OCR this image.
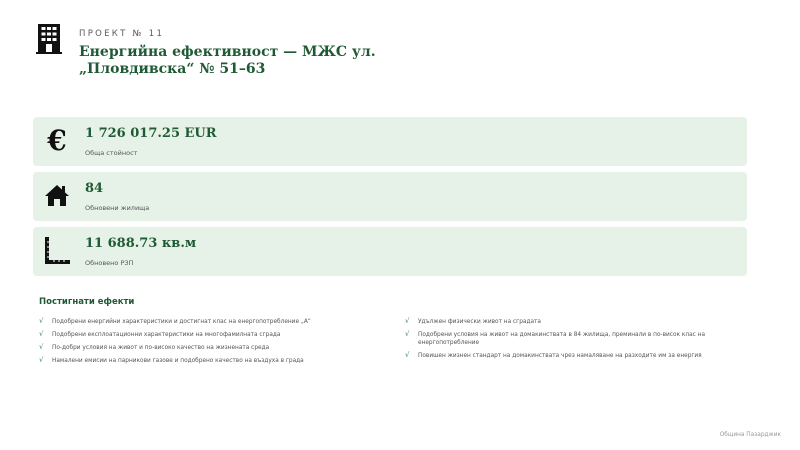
ПРОЕКТ № 11
Енергийна ефективност — МЖС ул. „Пловдивска“ № 51–63
€ 1 726 017.25 EUR
Обща стойност
84
Обновени жилища
11 688.73 кв.м
Обновено РЗП
Постигнати ефекти
√ Подобрени енергийни характеристики и достигнат клас на енергопотребление „А“
√ Подобрени експлоатационни характеристики на многофамилната сграда
√ По-добри условия на живот и по-високо качество на жизнената среда
√ Намалени емисии на парникови газове и подобрено качество на въздуха в града
√ Удължен физически живот на сградата
√ Подобрени условия на живот на домакинствата в 84 жилища, преминали в по-висок клас на енергопотребление
√ Повишен жизнен стандарт на домакинствата чрез намаляване на разходите им за енергия
Община Пазарджик
